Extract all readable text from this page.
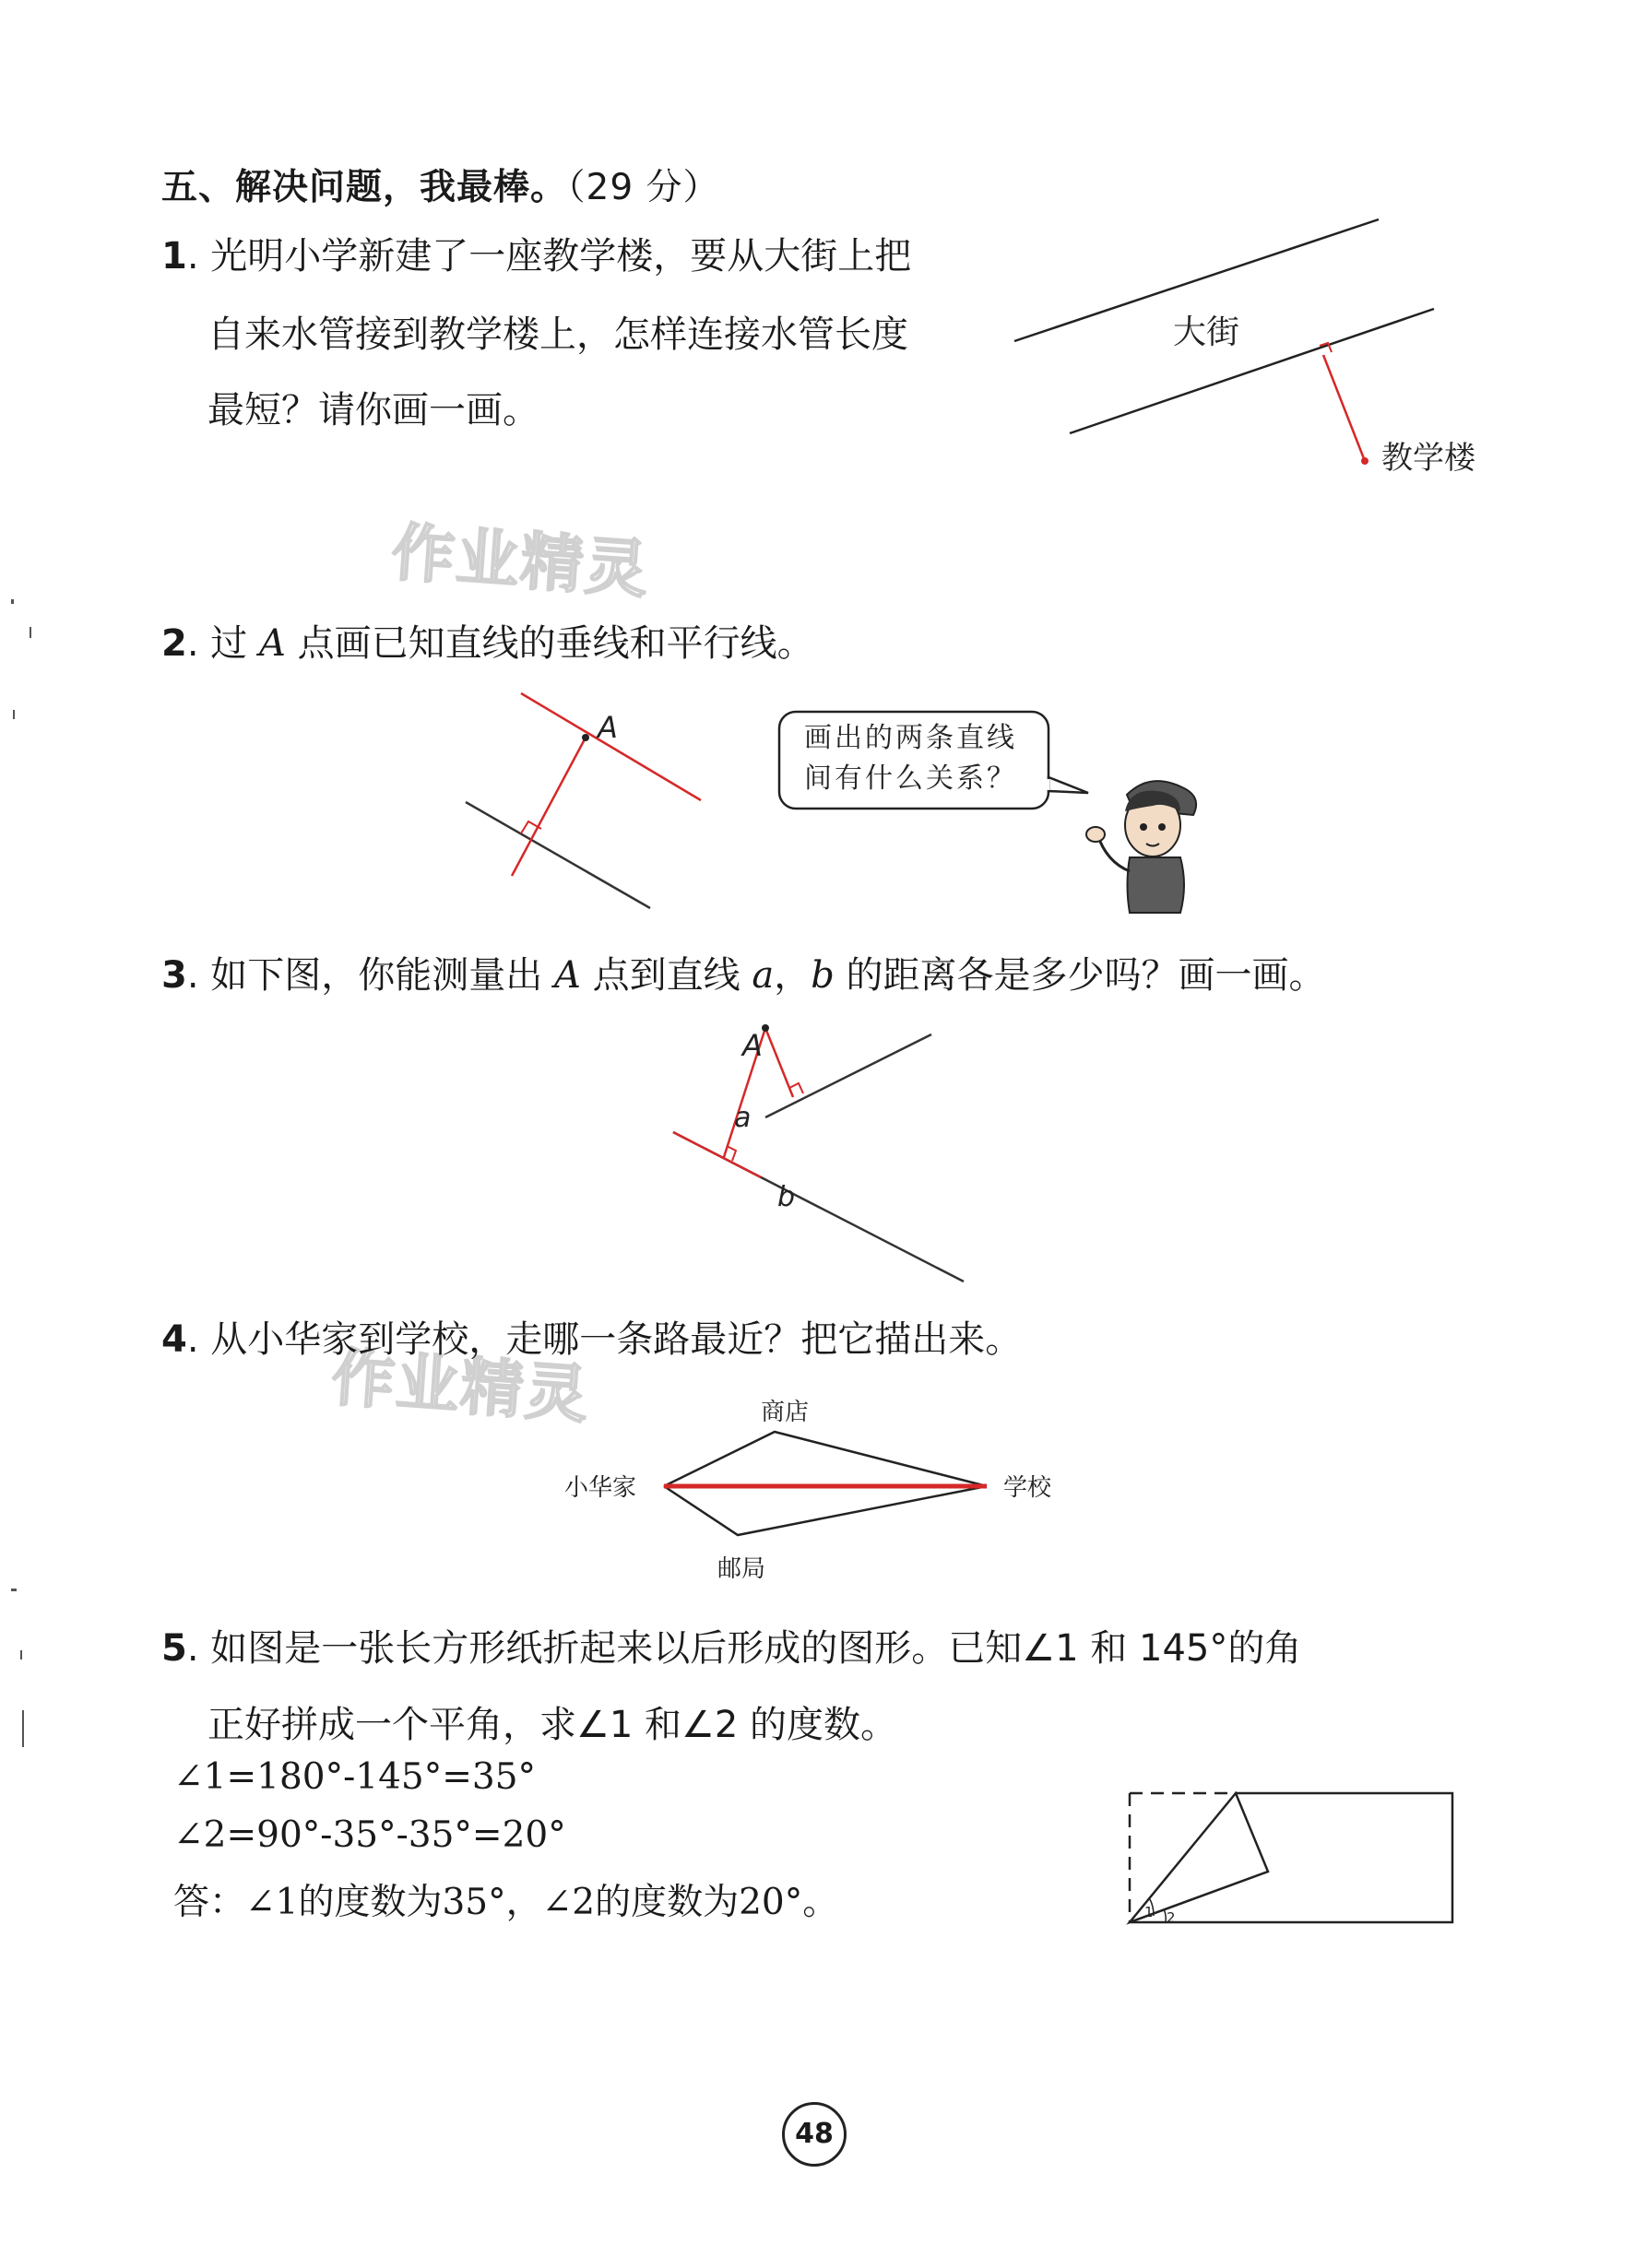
五、解决问题，我最棒。（29 分）
1. 光明小学新建了一座教学楼，要从大街上把
自来水管接到教学楼上，怎样连接水管长度
最短？请你画一画。
大街
教学楼
作业精灵
作业精灵
2. 过 A 点画已知直线的垂线和平行线。
A	画出的两条直线
间有什么关系？
3. 如下图，你能测量出 A 点到直线 a，b 的距离各是多少吗？画一画。
A
a
b
4. 从小华家到学校，走哪一条路最近？把它描出来。
商店
小华家	学校
邮局
5. 如图是一张长方形纸折起来以后形成的图形。已知∠1 和 145°的角
正好拼成一个平角，求∠1 和∠2 的度数。
∠1=180°-145°=35°
∠2=90°-35°-35°=20°
答：∠1的度数为35°，∠2的度数为20°。	1 2
48
